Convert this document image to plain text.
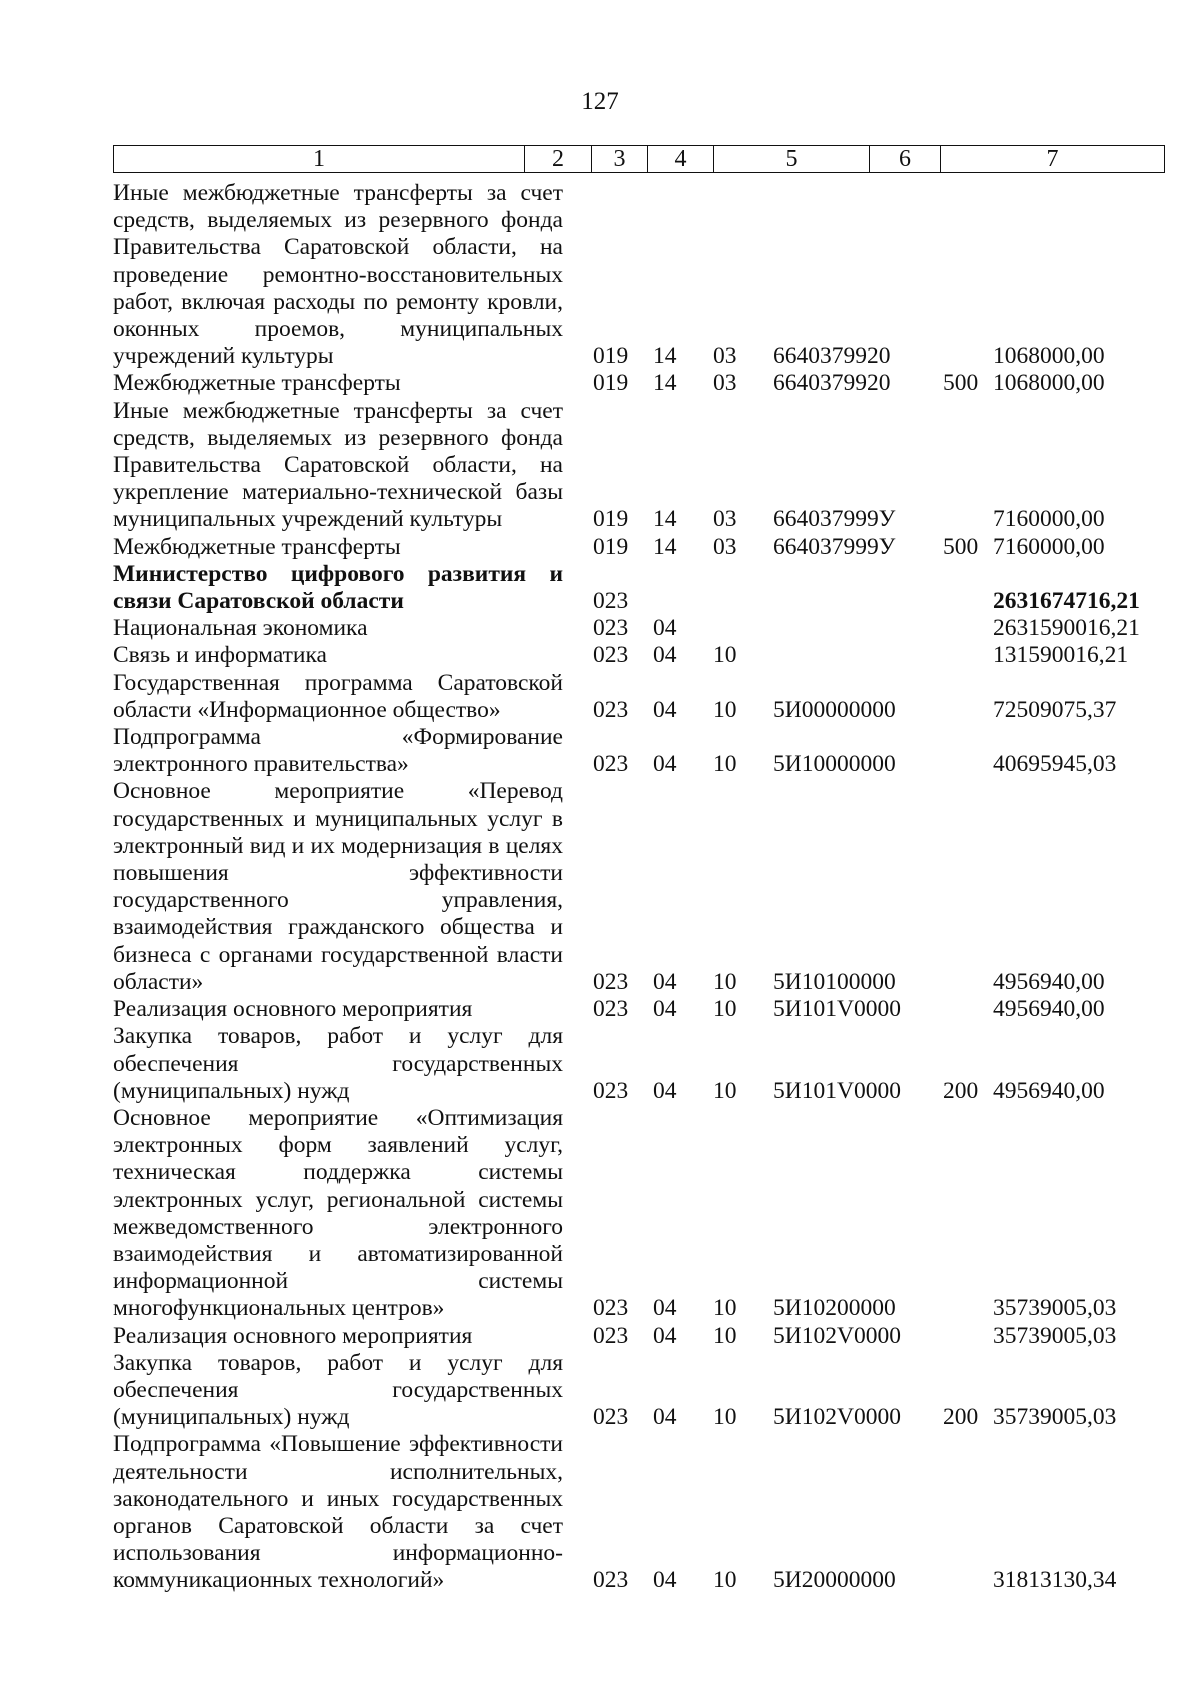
127
1	2	3	4	5	6	7
Иные межбюджетные трансферты за счет средств, выделяемых из резервного фонда Правительства Саратовской области, на проведение ремонтно-восстановительных работ, включая расходы по ремонту кровли, оконных проемов, муниципальных учреждений культуры	019	14	03	6640379920	1068000,00
Межбюджетные трансферты	019	14	03	6640379920	500 1068000,00
Иные межбюджетные трансферты за счет средств, выделяемых из резервного фонда Правительства Саратовской области, на укрепление материально-технической базы муниципальных учреждений культуры	019	14	03	664037999У	7160000,00
Межбюджетные трансферты	019	14	03	664037999У	500 7160000,00
Министерство цифрового развития и связи Саратовской области	023	2631674716,21
Национальная экономика	023	04	2631590016,21
Связь и информатика	023	04	10	131590016,21
Государственная программа Саратовской области «Информационное общество»	023	04	10	5И00000000	72509075,37
Подпрограмма «Формирование электронного правительства»	023	04	10	5И10000000	40695945,03
Основное мероприятие «Перевод государственных и муниципальных услуг в электронный вид и их модернизация в целях повышения эффективности государственного управления, взаимодействия гражданского общества и бизнеса с органами государственной власти области»	023	04	10	5И10100000	4956940,00
Реализация основного мероприятия	023	04	10	5И101V0000	4956940,00
Закупка товаров, работ и услуг для обеспечения государственных (муниципальных) нужд	023	04	10	5И101V0000	200 4956940,00
Основное мероприятие «Оптимизация электронных форм заявлений услуг, техническая поддержка системы электронных услуг, региональной системы межведомственного электронного взаимодействия и автоматизированной информационной системы многофункциональных центров»	023	04	10	5И10200000	35739005,03
Реализация основного мероприятия	023	04	10	5И102V0000	35739005,03
Закупка товаров, работ и услуг для обеспечения государственных (муниципальных) нужд	023	04	10	5И102V0000	200 35739005,03
Подпрограмма «Повышение эффективности деятельности исполнительных, законодательного и иных государственных органов Саратовской области за счет использования информационно-коммуникационных технологий»	023	04	10	5И20000000	31813130,34
